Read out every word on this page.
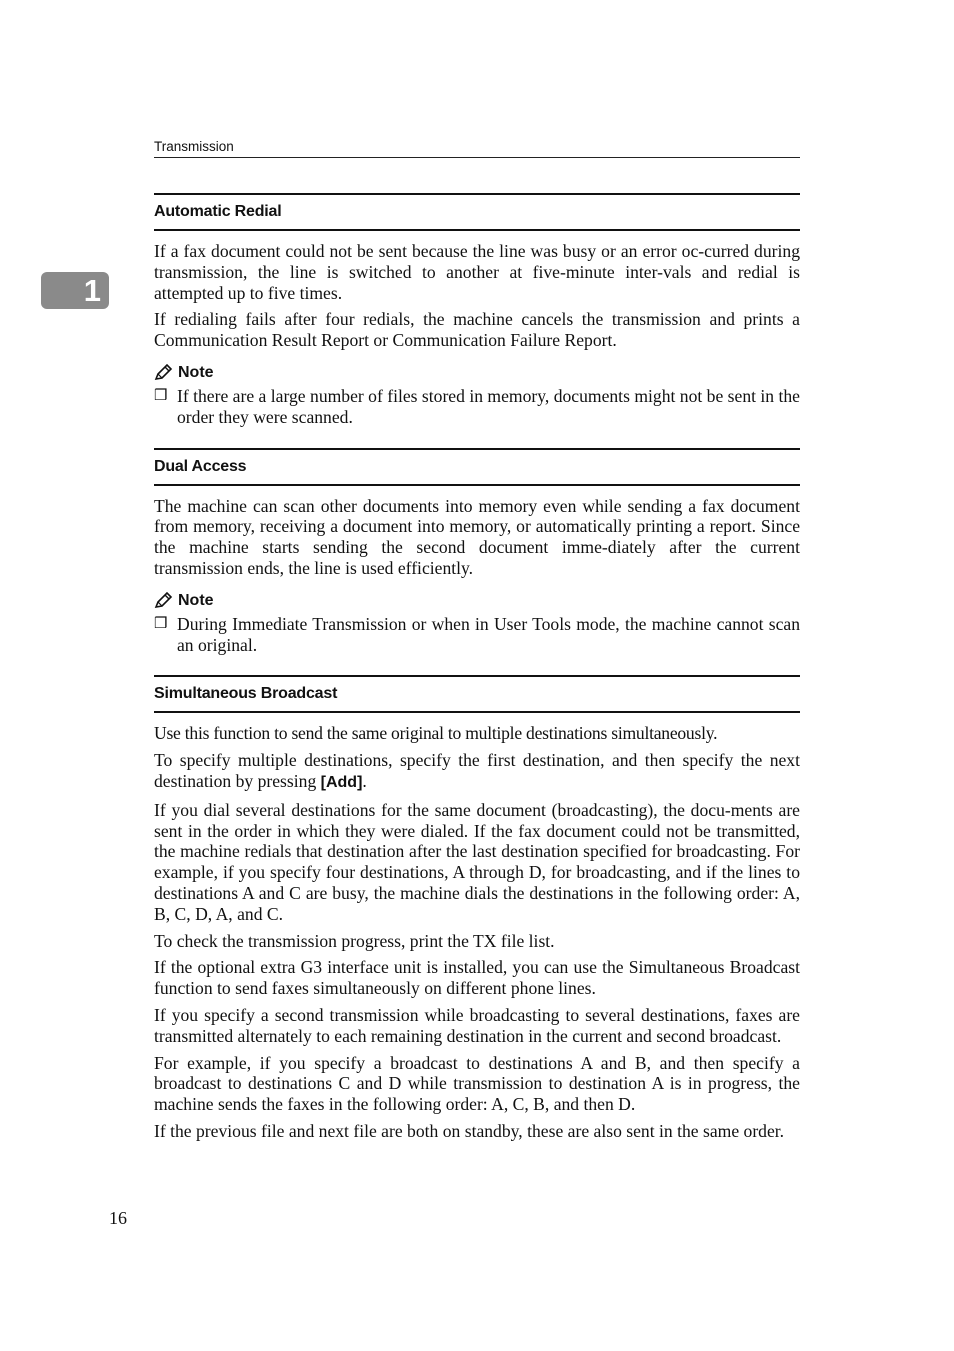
Transmission
1
Automatic Redial

If a fax document could not be sent because the line was busy or an error oc-curred during transmission, the line is switched to another at five-minute inter-vals and redial is attempted up to five times.

If redialing fails after four redials, the machine cancels the transmission and prints a Communication Result Report or Communication Failure Report.

Note
❒ If there are a large number of files stored in memory, documents might not be sent in the order they were scanned.

Dual Access

The machine can scan other documents into memory even while sending a fax document from memory, receiving a document into memory, or automatically printing a report. Since the machine starts sending the second document imme-diately after the current transmission ends, the line is used efficiently.

Note
❒ During Immediate Transmission or when in User Tools mode, the machine cannot scan an original.

Simultaneous Broadcast

Use this function to send the same original to multiple destinations simultaneously.

To specify multiple destinations, specify the first destination, and then specify the next destination by pressing [Add].

If you dial several destinations for the same document (broadcasting), the docu-ments are sent in the order in which they were dialed. If the fax document could not be transmitted, the machine redials that destination after the last destination specified for broadcasting. For example, if you specify four destinations, A through D, for broadcasting, and if the lines to destinations A and C are busy, the machine dials the destinations in the following order: A, B, C, D, A, and C.

To check the transmission progress, print the TX file list.

If the optional extra G3 interface unit is installed, you can use the Simultaneous Broadcast function to send faxes simultaneously on different phone lines.

If you specify a second transmission while broadcasting to several destinations, faxes are transmitted alternately to each remaining destination in the current and second broadcast.

For example, if you specify a broadcast to destinations A and B, and then specify a broadcast to destinations C and D while transmission to destination A is in progress, the machine sends the faxes in the following order: A, C, B, and then D.

If the previous file and next file are both on standby, these are also sent in the same order.

16
